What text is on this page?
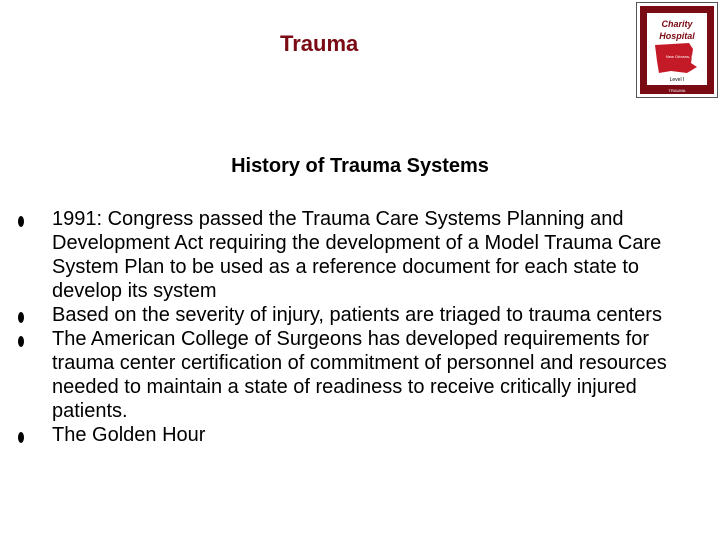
Trauma
Charity
Hospital
New Orleans, LA
Level I
TRAUMA
History of Trauma Systems
1991: Congress passed the Trauma Care Systems Planning and Development Act requiring the development of a Model Trauma Care System Plan to be used as a reference document for each state to develop its system
Based on the severity of injury, patients are triaged to trauma centers
The American College of Surgeons has developed requirements for trauma center certification of commitment of personnel and resources needed to maintain a state of readiness to receive critically injured patients.
The Golden Hour
